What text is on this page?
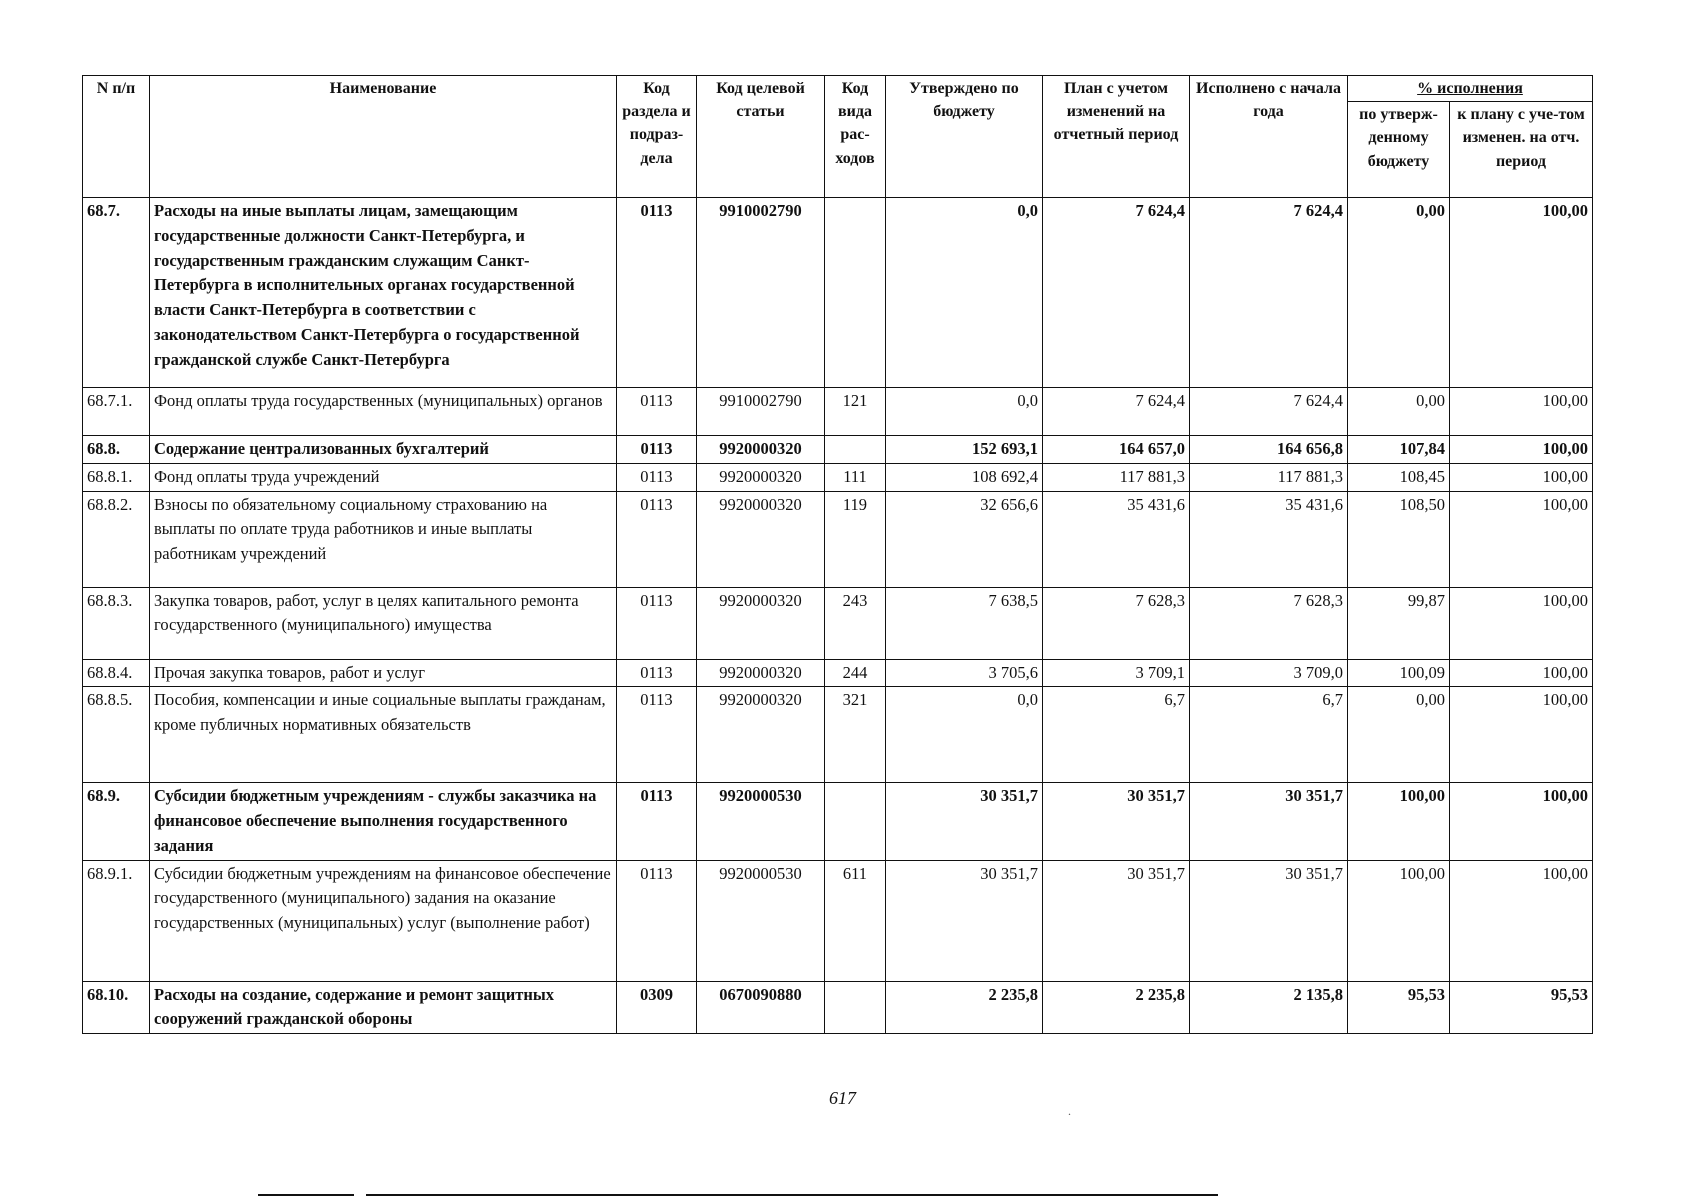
N п/п	Наименование	Код раздела и подраз-дела	Код целевой статьи	Код вида рас-ходов	Утверждено по бюджету	План с учетом изменений на отчетный период	Исполнено с начала года	% исполнения	
								по утверж-денному бюджету	к плану с уче-том изменен. на отч. период
68.7.	Расходы на иные выплаты лицам, замещающим государственные должности Санкт-Петербурга, и государственным гражданским служащим Санкт-Петербурга в исполнительных органах государственной власти Санкт-Петербурга в соответствии с законодательством Санкт-Петербурга о государственной гражданской службе Санкт-Петербурга	0113	9910002790		0,0	7 624,4	7 624,4	0,00	100,00
68.7.1.	Фонд оплаты труда государственных (муниципальных) органов	0113	9910002790	121	0,0	7 624,4	7 624,4	0,00	100,00
68.8.	Содержание централизованных бухгалтерий	0113	9920000320		152 693,1	164 657,0	164 656,8	107,84	100,00
68.8.1.	Фонд оплаты труда учреждений	0113	9920000320	111	108 692,4	117 881,3	117 881,3	108,45	100,00
68.8.2.	Взносы по обязательному социальному страхованию на выплаты по оплате труда работников и иные выплаты работникам учреждений	0113	9920000320	119	32 656,6	35 431,6	35 431,6	108,50	100,00
68.8.3.	Закупка товаров, работ, услуг в целях капитального ремонта государственного (муниципального) имущества	0113	9920000320	243	7 638,5	7 628,3	7 628,3	99,87	100,00
68.8.4.	Прочая закупка товаров, работ и услуг	0113	9920000320	244	3 705,6	3 709,1	3 709,0	100,09	100,00
68.8.5.	Пособия, компенсации и иные социальные выплаты гражданам, кроме публичных нормативных обязательств	0113	9920000320	321	0,0	6,7	6,7	0,00	100,00
68.9.	Субсидии бюджетным учреждениям - службы заказчика на финансовое обеспечение выполнения государственного задания	0113	9920000530		30 351,7	30 351,7	30 351,7	100,00	100,00
68.9.1.	Субсидии бюджетным учреждениям на финансовое обеспечение государственного (муниципального) задания на оказание государственных (муниципальных) услуг (выполнение работ)	0113	9920000530	611	30 351,7	30 351,7	30 351,7	100,00	100,00
68.10.	Расходы на создание, содержание и ремонт защитных сооружений гражданской обороны	0309	0670090880		2 235,8	2 235,8	2 135,8	95,53	95,53
617
.
